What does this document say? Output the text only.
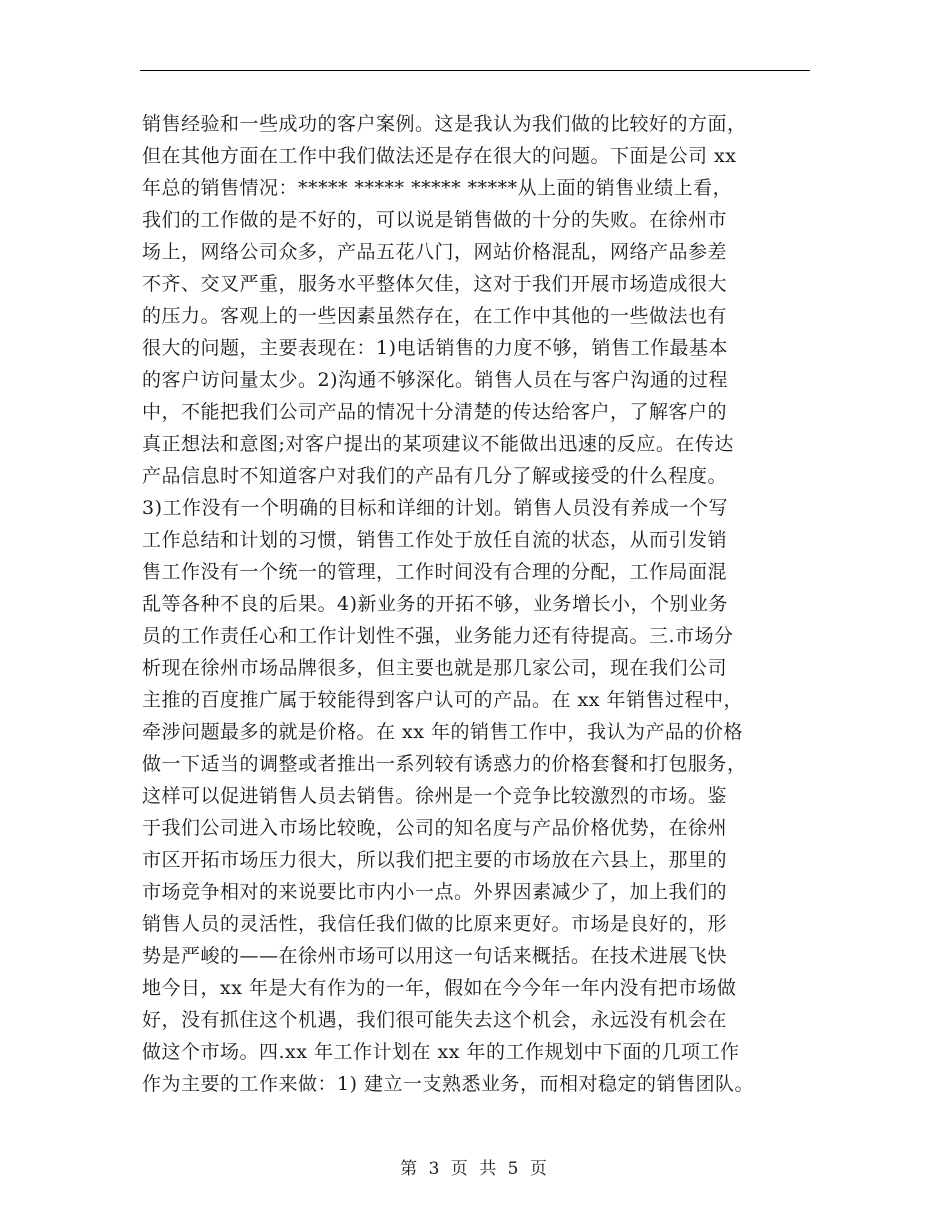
销售经验和一些成功的客户案例。这是我认为我们做的比较好的方面，
但在其他方面在工作中我们做法还是存在很大的问题。下面是公司 xx
年总的销售情况：***** ***** ***** *****从上面的销售业绩上看，
我们的工作做的是不好的，可以说是销售做的十分的失败。在徐州市
场上，网络公司众多，产品五花八门，网站价格混乱，网络产品参差
不齐、交叉严重，服务水平整体欠佳，这对于我们开展市场造成很大
的压力。客观上的一些因素虽然存在，在工作中其他的一些做法也有
很大的问题，主要表现在：1)电话销售的力度不够，销售工作最基本
的客户访问量太少。2)沟通不够深化。销售人员在与客户沟通的过程
中，不能把我们公司产品的情况十分清楚的传达给客户，了解客户的
真正想法和意图;对客户提出的某项建议不能做出迅速的反应。在传达
产品信息时不知道客户对我们的产品有几分了解或接受的什么程度。
3)工作没有一个明确的目标和详细的计划。销售人员没有养成一个写
工作总结和计划的习惯，销售工作处于放任自流的状态，从而引发销
售工作没有一个统一的管理，工作时间没有合理的分配，工作局面混
乱等各种不良的后果。4)新业务的开拓不够，业务增长小，个别业务
员的工作责任心和工作计划性不强，业务能力还有待提高。三.市场分
析现在徐州市场品牌很多，但主要也就是那几家公司，现在我们公司
主推的百度推广属于较能得到客户认可的产品。在 xx 年销售过程中，
牵涉问题最多的就是价格。在 xx 年的销售工作中，我认为产品的价格
做一下适当的调整或者推出一系列较有诱惑力的价格套餐和打包服务，
这样可以促进销售人员去销售。徐州是一个竞争比较激烈的市场。鉴
于我们公司进入市场比较晚，公司的知名度与产品价格优势，在徐州
市区开拓市场压力很大，所以我们把主要的市场放在六县上，那里的
市场竞争相对的来说要比市内小一点。外界因素减少了，加上我们的
销售人员的灵活性，我信任我们做的比原来更好。市场是良好的，形
势是严峻的——在徐州市场可以用这一句话来概括。在技术进展飞快
地今日，xx 年是大有作为的一年，假如在今今年一年内没有把市场做
好，没有抓住这个机遇，我们很可能失去这个机会，永远没有机会在
做这个市场。四.xx 年工作计划在 xx 年的工作规划中下面的几项工作
作为主要的工作来做：1) 建立一支熟悉业务，而相对稳定的销售团队。
第 3 页 共 5 页
